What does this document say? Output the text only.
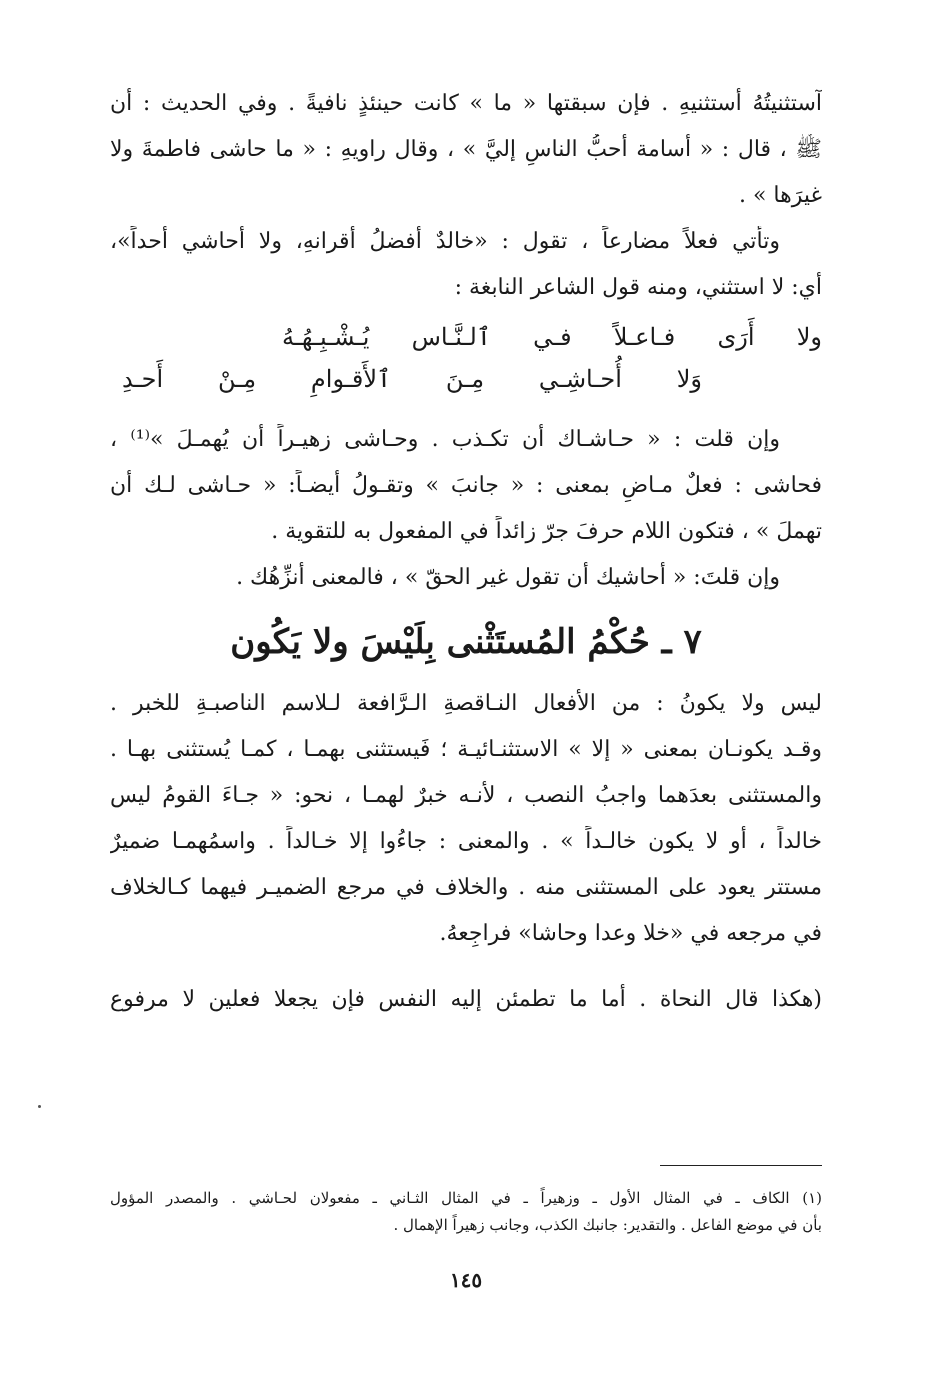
آستثنيتُهُ أستثنيهِ . فإن سبقتها « ما » كانت حينئذٍ نافيةً . وفي الحديث : أن
ﷺ ، قال : « أُسامة أحبُّ الناسِ إليَّ » ، وقال راويهِ : « ما حاشى فاطمةَ ولا
غيرَها » .
وتأتي فعلاً مضارعاً ، تقول : «خالدٌ أفضلُ أقرانهِ، ولا أُحاشي أحداً»،
أي: لا استثني، ومنه قول الشاعر النابغة :
ولا أَرَى فـاعـلاً فـي ٱلـنَّـاس يُـشْـبِـهُـهُ
وَلا أُحـاشِـي مِـنَ ٱلأَقـوامِ مِـنْ أَحـدِ
وإن قلت : « حـاشـاك أن تكـذب . وحـاشى زهيـراً أن يُهمـلَ »⁽¹⁾ ،
فحاشى : فعلٌ مـاضٍ بمعنى : « جانبَ » وتقـولُ أيضـاً: « حـاشى لـك أن
تهملَ » ، فتكون اللام حرفَ جرّ زائداً في المفعول به للتقوية .
وإن قلتَ: « أُحاشيك أن تقول غير الحقّ » ، فالمعنى أُنزِّهُك .
٧ ـ حُكْمُ المُستَثْنى بِلَيْسَ ولا يَكُون
ليس ولا يكونُ : من الأفعال النـاقصةِ الـرَّافعة لـلاسم الناصبـةِ للخبر .
وقـد يكونـان بمعنى « إلا » الاستثنـائيـة ؛ فَيستثنى بهمـا ، كمـا يُستثنى بهـا .
والمستثنى بعدَهما واجبُ النصب ، لأنـه خبرٌ لهمـا ، نحو: « جـاءَ القومُ ليس
خالداً ، أو لا يكون خالـداً » . والمعنى : جاءُوا إلا خـالداً . واسمُهمـا ضميرٌ
مستتر يعود على المستثنى منه . والخلاف في مرجع الضميـر فيهما كـالخلاف
في مرجعه في «خلا وعدا وحاشا» فراجِعهُ.
(هكذا قال النحاة . أما ما تطمئن إليه النفس فإن يجعلا فعلين لا مرفوع
(١) الكاف ـ في المثال الأول ـ وزهيراً ـ في المثال الثـاني ـ مفعولان لحـاشي . والمصدر المؤول
بأن في موضع الفاعل . والتقدير: جانبك الكذب، وجانب زهيراً الإهمال .
١٤٥
